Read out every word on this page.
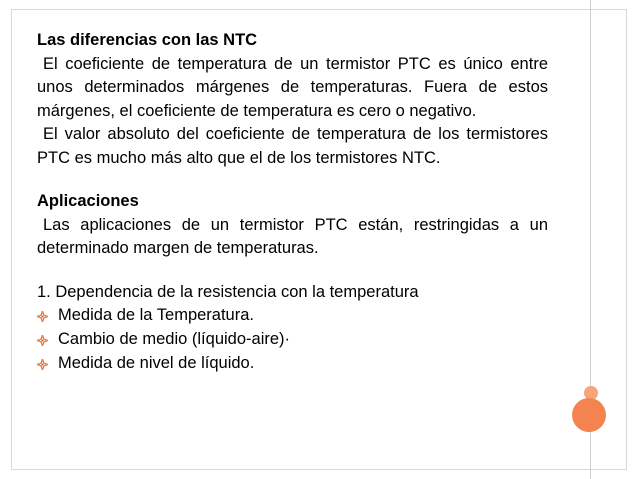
Las diferencias con las NTC

El coeficiente de temperatura de un termistor PTC es único entre unos determinados márgenes de temperaturas. Fuera de estos márgenes, el coeficiente de temperatura es cero o negativo.

El valor absoluto del coeficiente de temperatura de los termistores PTC es mucho más alto que el de los termistores NTC.

Aplicaciones

Las aplicaciones de un termistor PTC están, restringidas a un determinado margen de temperaturas.

1. Dependencia de la resistencia con la temperatura

Medida de la Temperatura.
Cambio de medio (líquido-aire)·
Medida de nivel de líquido.
